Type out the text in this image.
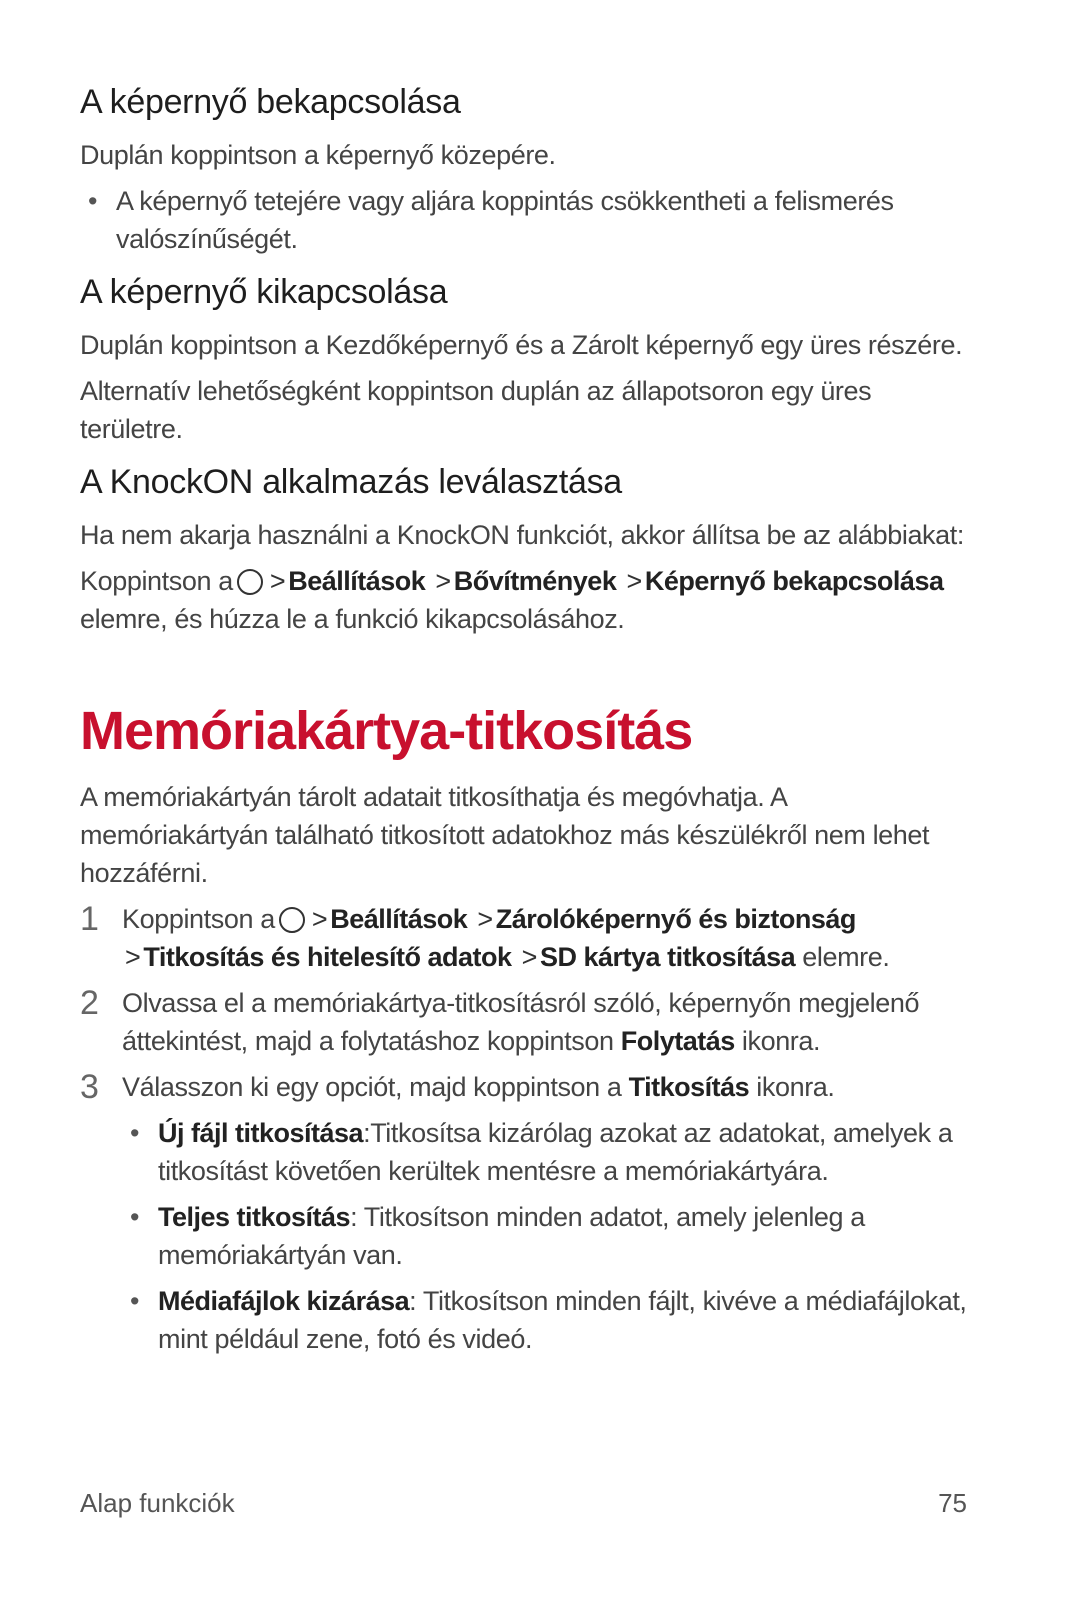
A képernyő bekapcsolása

Duplán koppintson a képernyő közepére.

• A képernyő tetejére vagy aljára koppintás csökkentheti a felismerés valószínűségét.
A képernyő kikapcsolása

Duplán koppintson a Kezdőképernyő és a Zárolt képernyő egy üres részére.

Alternatív lehetőségként koppintson duplán az állapotsoron egy üres területre.

A KnockON alkalmazás leválasztása

Ha nem akarja használni a KnockON funkciót, akkor állítsa be az alábbiakat:

Koppintson a > Beállítások > Bővítmények > Képernyő bekapcsolása elemre, és húzza le a funkció kikapcsolásához.

Memóriakártya-titkosítás

A memóriakártyán tárolt adatait titkosíthatja és megóvhatja. A memóriakártyán található titkosított adatokhoz más készülékről nem lehet hozzáférni.

1 Koppintson a > Beállítások > Zárolóképernyő és biztonság > Titkosítás és hitelesítő adatok > SD kártya titkosítása elemre.
2 Olvassa el a memóriakártya-titkosításról szóló, képernyőn megjelenő áttekintést, majd a folytatáshoz koppintson Folytatás ikonra.
3 Válasszon ki egy opciót, majd koppintson a Titkosítás ikonra.
• Új fájl titkosítása:Titkosítsa kizárólag azokat az adatokat, amelyek a titkosítást követően kerültek mentésre a memóriakártyára.
• Teljes titkosítás: Titkosítson minden adatot, amely jelenleg a memóriakártyán van.
• Médiafájlok kizárása: Titkosítson minden fájlt, kivéve a médiafájlokat, mint például zene, fotó és videó.
Alap funkciók	75
